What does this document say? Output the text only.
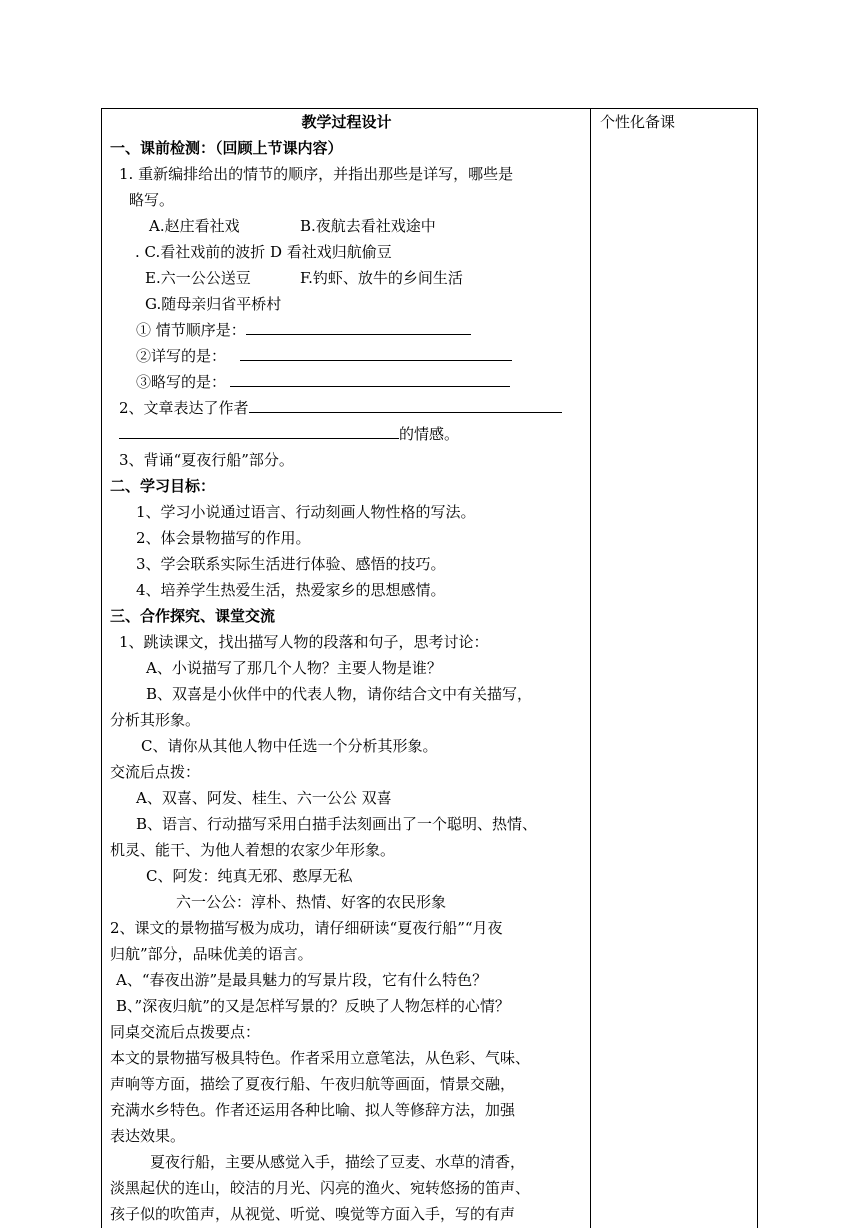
教学过程设计
一、课前检测：（回顾上节课内容）
1. 重新编排给出的情节的顺序，并指出那些是详写，哪些是
略写。
A.赵庄看社戏	B.夜航去看社戏途中
. C.看社戏前的波折 D 看社戏归航偷豆
E.六一公公送豆	F.钓虾、放牛的乡间生活
G.随母亲归省平桥村
① 情节顺序是：
②详写的是：
③略写的是：
2、文章表达了作者
的情感。
3、背诵“夏夜行船”部分。
二、学习目标：
1、学习小说通过语言、行动刻画人物性格的写法。
2、体会景物描写的作用。
3、学会联系实际生活进行体验、感悟的技巧。
4、培养学生热爱生活，热爱家乡的思想感情。
三、合作探究、课堂交流
1、跳读课文，找出描写人物的段落和句子，思考讨论：
A、小说描写了那几个人物？主要人物是谁？
B、双喜是小伙伴中的代表人物，请你结合文中有关描写，
分析其形象。
C、请你从其他人物中任选一个分析其形象。
交流后点拨：
A、双喜、阿发、桂生、六一公公 双喜
B、语言、行动描写采用白描手法刻画出了一个聪明、热情、
机灵、能干、为他人着想的农家少年形象。
C、阿发：纯真无邪、憨厚无私
六一公公：淳朴、热情、好客的农民形象
2、课文的景物描写极为成功，请仔细研读“夏夜行船”“月夜
归航”部分，品味优美的语言。
A、“春夜出游”是最具魅力的写景片段，它有什么特色？
B、”深夜归航”的又是怎样写景的？反映了人物怎样的心情？
同桌交流后点拨要点：
本文的景物描写极具特色。作者采用立意笔法，从色彩、气味、
声响等方面，描绘了夏夜行船、午夜归航等画面，情景交融，
充满水乡特色。作者还运用各种比喻、拟人等修辞方法，加强
表达效果。
夏夜行船，主要从感觉入手，描绘了豆麦、水草的清香，
淡黑起伏的连山，皎洁的月光、闪亮的渔火、宛转悠扬的笛声、
孩子似的吹笛声，从视觉、听觉、嗅觉等方面入手，写的有声
个性化备课
